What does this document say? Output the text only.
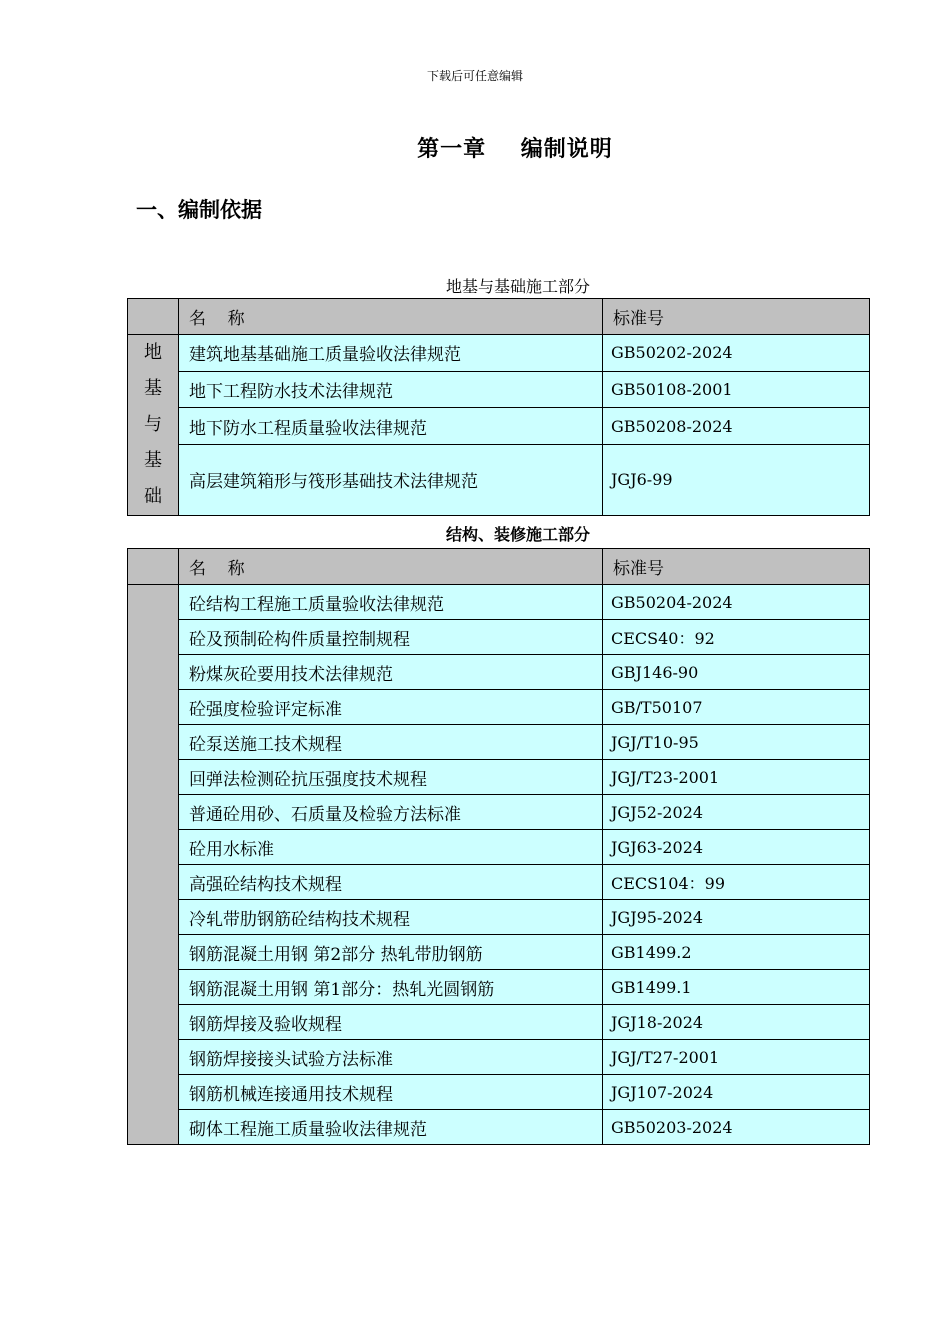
下载后可任意编辑
第一章    编制说明
一、编制依据
地基与基础施工部分
	名    称	标准号

地
基
与
基
础	建筑地基基础施工质量验收法律规范	GB50202-2024
	地下工程防水技术法律规范	GB50108-2001
	地下防水工程质量验收法律规范	GB50208-2024
	高层建筑箱形与筏形基础技术法律规范	JGJ6-99
结构、装修施工部分
	名    称	标准号
	砼结构工程施工质量验收法律规范	GB50204-2024
	砼及预制砼构件质量控制规程	CECS40：92
	粉煤灰砼要用技术法律规范	GBJ146-90
	砼强度检验评定标准	GB/T50107
	砼泵送施工技术规程	JGJ/T10-95
	回弹法检测砼抗压强度技术规程	JGJ/T23-2001
	普通砼用砂、石质量及检验方法标准	JGJ52-2024
	砼用水标准	JGJ63-2024
	高强砼结构技术规程	CECS104：99
	冷轧带肋钢筋砼结构技术规程	JGJ95-2024
	钢筋混凝土用钢 第2部分 热轧带肋钢筋	GB1499.2
	钢筋混凝土用钢 第1部分：热轧光圆钢筋	GB1499.1
	钢筋焊接及验收规程	JGJ18-2024
	钢筋焊接接头试验方法标准	JGJ/T27-2001
	钢筋机械连接通用技术规程	JGJ107-2024
	砌体工程施工质量验收法律规范	GB50203-2024
